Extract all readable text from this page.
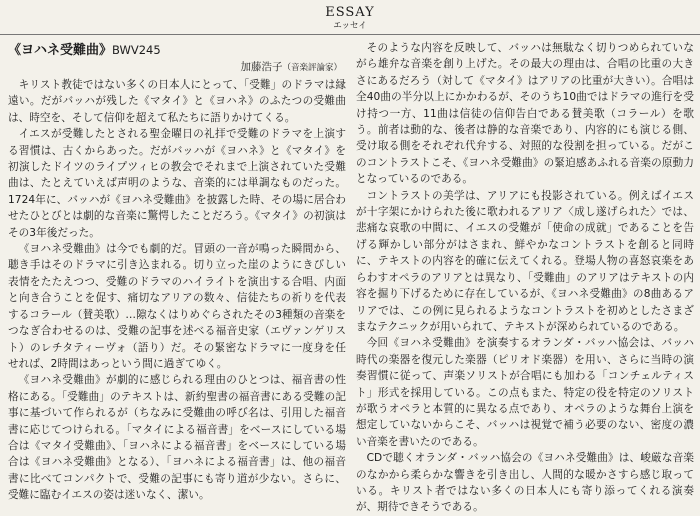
ESSAY
エッセイ
《ヨハネ受難曲》BWV245
加藤浩子（音楽評論家）

キリスト教徒ではない多くの日本人にとって、「受難」のドラマは縁遠い。だがバッハが残した《マタイ》と《ヨハネ》のふたつの受難曲は、時空を、そして信仰を超えて私たちに語りかけてくる。

イエスが受難したとされる聖金曜日の礼拝で受難のドラマを上演する習慣は、古くからあった。だがバッハが《ヨハネ》と《マタイ》を初演したドイツのライプツィヒの教会でそれまで上演されていた受難曲は、たとえていえば声明のような、音楽的には単調なものだった。1724年に、バッハが《ヨハネ受難曲》を披露した時、その場に居合わせたひとびとは劇的な音楽に驚愕したことだろう。《マタイ》の初演はその3年後だった。

《ヨハネ受難曲》は今でも劇的だ。冒頭の一音が鳴った瞬間から、聴き手はそのドラマに引き込まれる。切り立った崖のようにきびしい表情をたたえつつ、受難のドラマのハイライトを演出する合唱、内面と向き合うことを促す、痛切なアリアの数々、信徒たちの祈りを代表するコラール（賛美歌）…隙なくはりめぐらされたその3種類の音楽をつなぎ合わせるのは、受難の記事を述べる福音史家（エヴァンゲリスト）のレチタティーヴォ（語り）だ。その緊密なドラマに一度身を任せれば、2時間はあっという間に過ぎてゆく。

《ヨハネ受難曲》が劇的に感じられる理由のひとつは、福音書の性格にある。「受難曲」のテキストは、新約聖書の福音書にある受難の記事に基づいて作られるが（ちなみに受難曲の呼び名は、引用した福音書に応じてつけられる。「マタイによる福音書」をベースにしている場合は《マタイ受難曲》、「ヨハネによる福音書」をベースにしている場合は《ヨハネ受難曲》となる）、「ヨハネによる福音書」は、他の福音書に比べてコンパクトで、受難の記事にも寄り道が少ない。さらに、受難に臨むイエスの姿は迷いなく、潔い。

そのような内容を反映して、バッハは無駄なく切りつめられていながら雄弁な音楽を創り上げた。その最大の理由は、合唱の比重の大きさにあるだろう（対して《マタイ》はアリアの比重が大きい）。合唱は全40曲の半分以上にかかわるが、そのうち10曲ではドラマの進行を受け持つ一方、11曲は信徒の信仰告白である賛美歌（コラール）を歌う。前者は動的な、後者は静的な音楽であり、内容的にも演じる側、受け取る側をそれぞれ代弁する、対照的な役割を担っている。だがこのコントラストこそ、《ヨハネ受難曲》の緊迫感あふれる音楽の原動力となっているのである。

コントラストの美学は、アリアにも投影されている。例えばイエスが十字架にかけられた後に歌われるアリア〈成し遂げられた〉では、悲痛な哀歌の中間に、イエスの受難が「使命の成就」であることを告げる輝かしい部分がはさまれ、鮮やかなコントラストを創ると同時に、テキストの内容を的確に伝えてくれる。登場人物の喜怒哀楽をあらわすオペラのアリアとは異なり、「受難曲」のアリアはテキストの内容を掘り下げるために存在しているが、《ヨハネ受難曲》の8曲あるアリアでは、この例に見られるようなコントラストを初めとしたさまざまなテクニックが用いられて、テキストが深められているのである。

今回《ヨハネ受難曲》を演奏するオランダ・バッハ協会は、バッハ時代の楽器を復元した楽器（ピリオド楽器）を用い、さらに当時の演奏習慣に従って、声楽ソリストが合唱にも加わる「コンチェルティスト」形式を採用している。この点もまた、特定の役を特定のソリストが歌うオペラと本質的に異なる点であり、オペラのような舞台上演を想定していないからこそ、バッハは視覚で補う必要のない、密度の濃い音楽を書いたのである。

CDで聴くオランダ・バッハ協会の《ヨハネ受難曲》は、峻厳な音楽のなかから柔らかな響きを引き出し、人間的な暖かさすら感じ取っている。キリスト者ではない多くの日本人にも寄り添ってくれる演奏が、期待できそうである。
